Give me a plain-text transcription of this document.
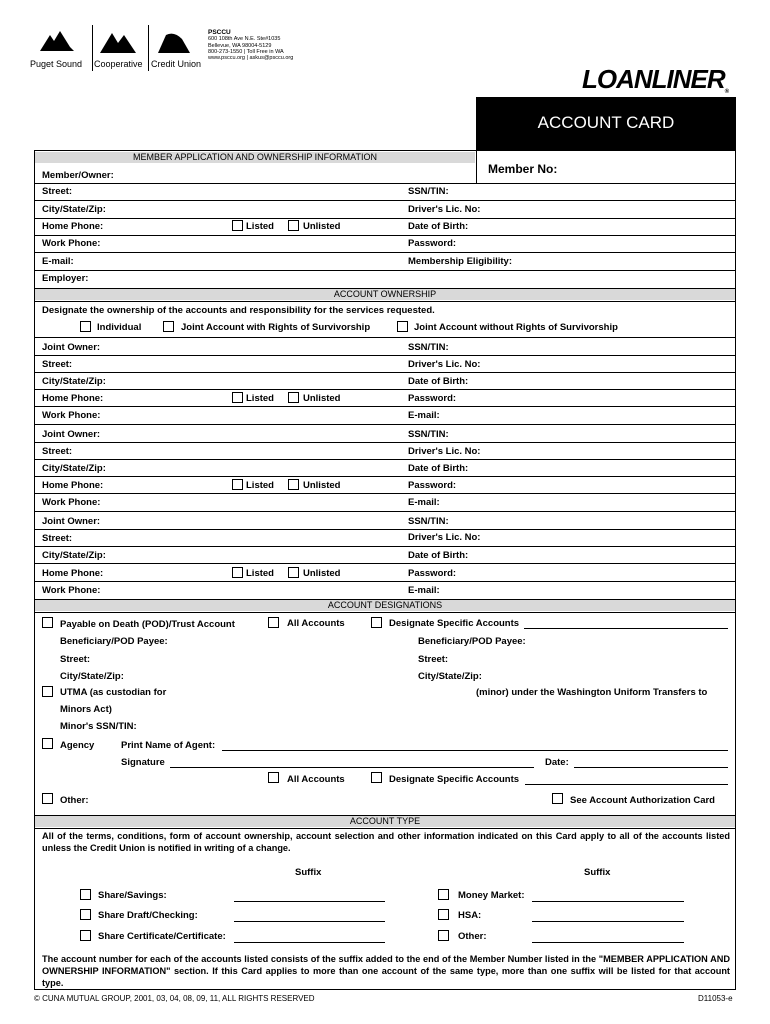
Puget Sound Cooperative Credit Union
PSCCU
600 108th Ave N.E. Ste#1035
Bellevue, WA 98004-5129
800-273-1550 | Toll Free in WA
www.psccu.org | askus@psccu.org
LOANLINER®
ACCOUNT CARD
MEMBER APPLICATION AND OWNERSHIP INFORMATION
Member No:
Member/Owner:
Street:	SSN/TIN:
City/State/Zip:	Driver's Lic. No:
Home Phone:	Listed	Unlisted	Date of Birth:
Work Phone:	Password:
E-mail:	Membership Eligibility:
Employer:
ACCOUNT OWNERSHIP
Designate the ownership of the accounts and responsibility for the services requested.
Individual	Joint Account with Rights of Survivorship	Joint Account without Rights of Survivorship
Joint Owner:	SSN/TIN:
Street:	Driver's Lic. No:
City/State/Zip:	Date of Birth:
Home Phone:	Listed	Unlisted	Password:
Work Phone:	E-mail:
Joint Owner:	SSN/TIN:
Street:	Driver's Lic. No:
City/State/Zip:	Date of Birth:
Home Phone:	Listed	Unlisted	Password:
Work Phone:	E-mail:
Joint Owner:	SSN/TIN:
Street:	Driver's Lic. No:
City/State/Zip:	Date of Birth:
Home Phone:	Listed	Unlisted	Password:
Work Phone:	E-mail:
ACCOUNT DESIGNATIONS
Payable on Death (POD)/Trust Account	All Accounts	Designate Specific Accounts
Beneficiary/POD Payee:	Beneficiary/POD Payee:
Street:	Street:
City/State/Zip:	City/State/Zip:
UTMA (as custodian for	(minor) under the Washington Uniform Transfers to
Minors Act)
Minor's SSN/TIN:
Agency	Print Name of Agent:
Signature	Date:
All Accounts	Designate Specific Accounts
Other:	See Account Authorization Card
ACCOUNT TYPE
All of the terms, conditions, form of account ownership, account selection and other information indicated on this Card apply to all of the accounts listed unless the Credit Union is notified in writing of a change.
Suffix	Suffix
Share/Savings:	Money Market:
Share Draft/Checking:	HSA:
Share Certificate/Certificate:	Other:
The account number for each of the accounts listed consists of the suffix added to the end of the Member Number listed in the "MEMBER APPLICATION AND OWNERSHIP INFORMATION" section. If this Card applies to more than one account of the same type, more than one suffix will be listed for that account type.
© CUNA MUTUAL GROUP, 2001, 03, 04, 08, 09, 11, ALL RIGHTS RESERVED	D11053-e
